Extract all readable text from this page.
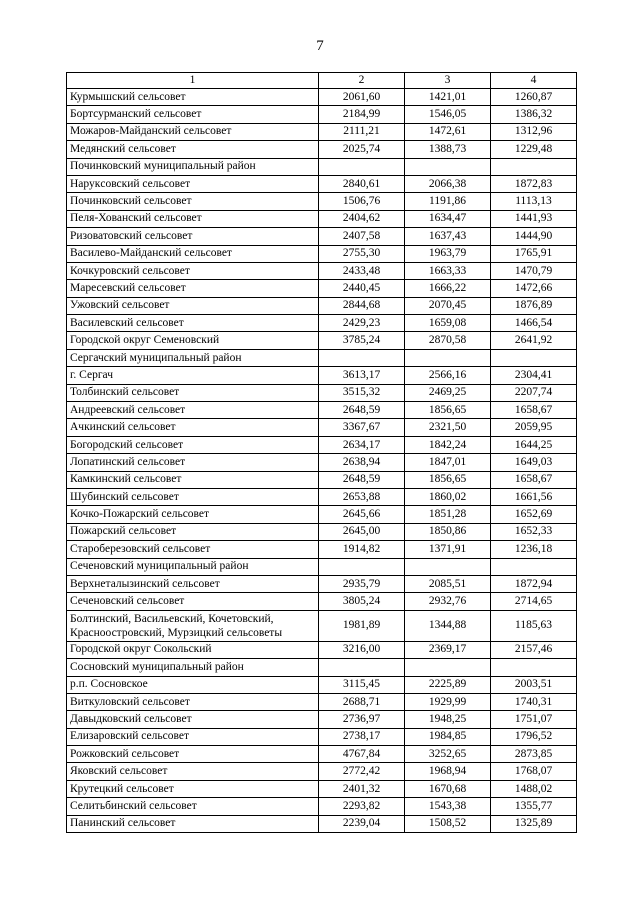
7
1	2	3	4
Курмышский сельсовет	2061,60	1421,01	1260,87
Бортсурманский сельсовет	2184,99	1546,05	1386,32
Можаров-Майданский сельсовет	2111,21	1472,61	1312,96
Медянский сельсовет	2025,74	1388,73	1229,48
Починковский муниципальный район			
Нарукcовский сельсовет	2840,61	2066,38	1872,83
Починковский сельсовет	1506,76	1191,86	1113,13
Пеля-Хованский сельсовет	2404,62	1634,47	1441,93
Ризоватовский сельсовет	2407,58	1637,43	1444,90
Василево-Майданский сельсовет	2755,30	1963,79	1765,91
Кочкуровский сельсовет	2433,48	1663,33	1470,79
Маресевский сельсовет	2440,45	1666,22	1472,66
Ужовский сельсовет	2844,68	2070,45	1876,89
Василевский сельсовет	2429,23	1659,08	1466,54
Городской округ Семеновский	3785,24	2870,58	2641,92
Сергачский муниципальный район			
г. Сергач	3613,17	2566,16	2304,41
Толбинский сельсовет	3515,32	2469,25	2207,74
Андреевский сельсовет	2648,59	1856,65	1658,67
Ачкинский сельсовет	3367,67	2321,50	2059,95
Богородский сельсовет	2634,17	1842,24	1644,25
Лопатинский сельсовет	2638,94	1847,01	1649,03
Камкинский сельсовет	2648,59	1856,65	1658,67
Шубинский сельсовет	2653,88	1860,02	1661,56
Кочко-Пожарский сельсовет	2645,66	1851,28	1652,69
Пожарский сельсовет	2645,00	1850,86	1652,33
Староберезовский сельсовет	1914,82	1371,91	1236,18
Сеченовский муниципальный район			
Верхнеталызинский сельсовет	2935,79	2085,51	1872,94
Сеченовский сельсовет	3805,24	2932,76	2714,65
Болтинский, Васильевский, Кочетовский, Красноостровский, Мурзицкий сельсоветы	1981,89	1344,88	1185,63
Городской округ Сокольский	3216,00	2369,17	2157,46
Сосновский муниципальный район			
р.п. Сосновское	3115,45	2225,89	2003,51
Виткуловский сельсовет	2688,71	1929,99	1740,31
Давыдковский сельсовет	2736,97	1948,25	1751,07
Елизаровский сельсовет	2738,17	1984,85	1796,52
Рожковский сельсовет	4767,84	3252,65	2873,85
Яковский сельсовет	2772,42	1968,94	1768,07
Крутецкий сельсовет	2401,32	1670,68	1488,02
Селитьбинский сельсовет	2293,82	1543,38	1355,77
Панинский сельсовет	2239,04	1508,52	1325,89
